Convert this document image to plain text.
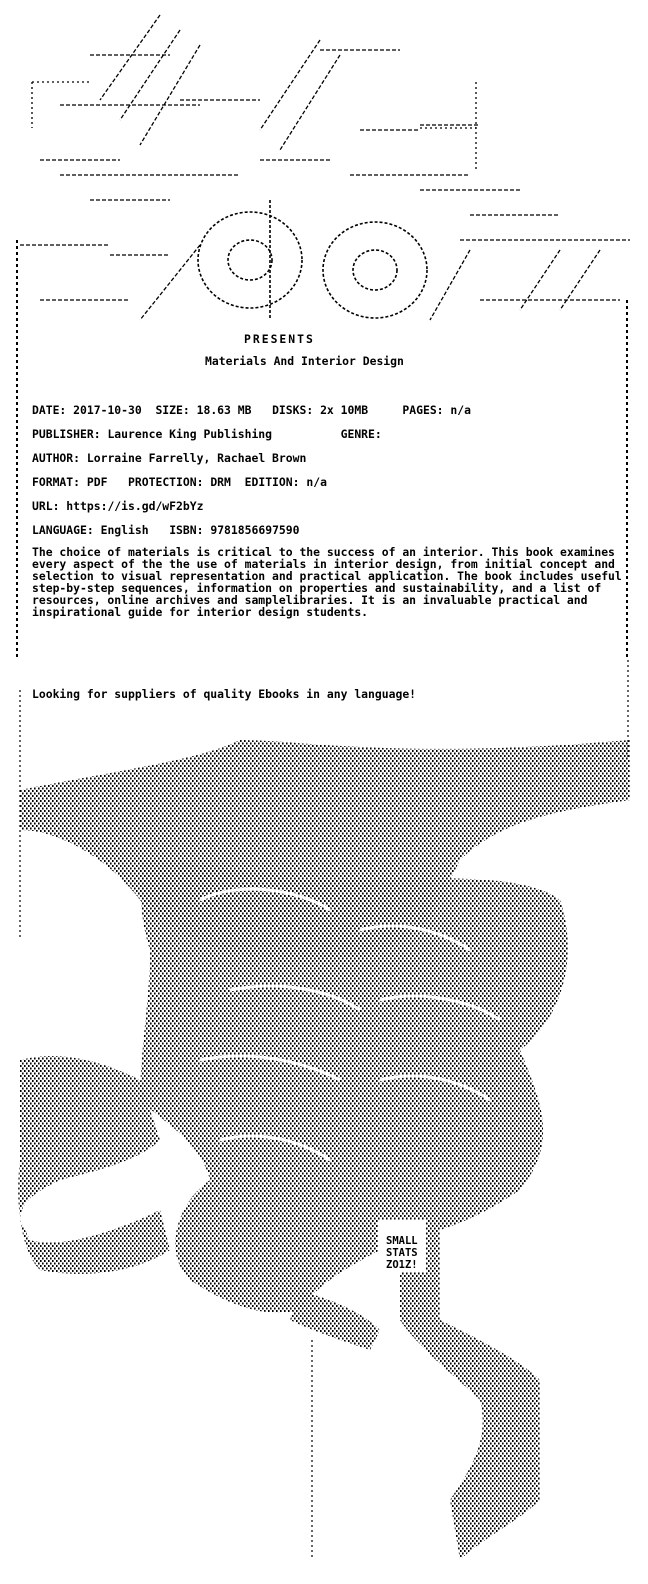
PRESENTS
Materials And Interior Design
DATE: 2017-10-30 SIZE: 18.63 MB DISKS: 2x 10MB	PAGES: n/a
PUBLISHER: Laurence King Publishing	GENRE:
AUTHOR: Lorraine Farrelly, Rachael Brown
FORMAT: PDF PROTECTION: DRM EDITION: n/a
URL: https://is.gd/wF2bYz
LANGUAGE: English ISBN: 9781856697590

The choice of materials is critical to the success of an interior. This book examines every aspect of the the use of materials in interior design, from initial concept and selection to visual representation and practical application. The book includes useful step-by-step sequences, information on properties and sustainability, and a list of resources, online archives and samplelibraries. It is an invaluable practical and inspirational guide for interior design students.

Looking for suppliers of quality Ebooks in any language!
SMALL
STATS
ZO1Z!
